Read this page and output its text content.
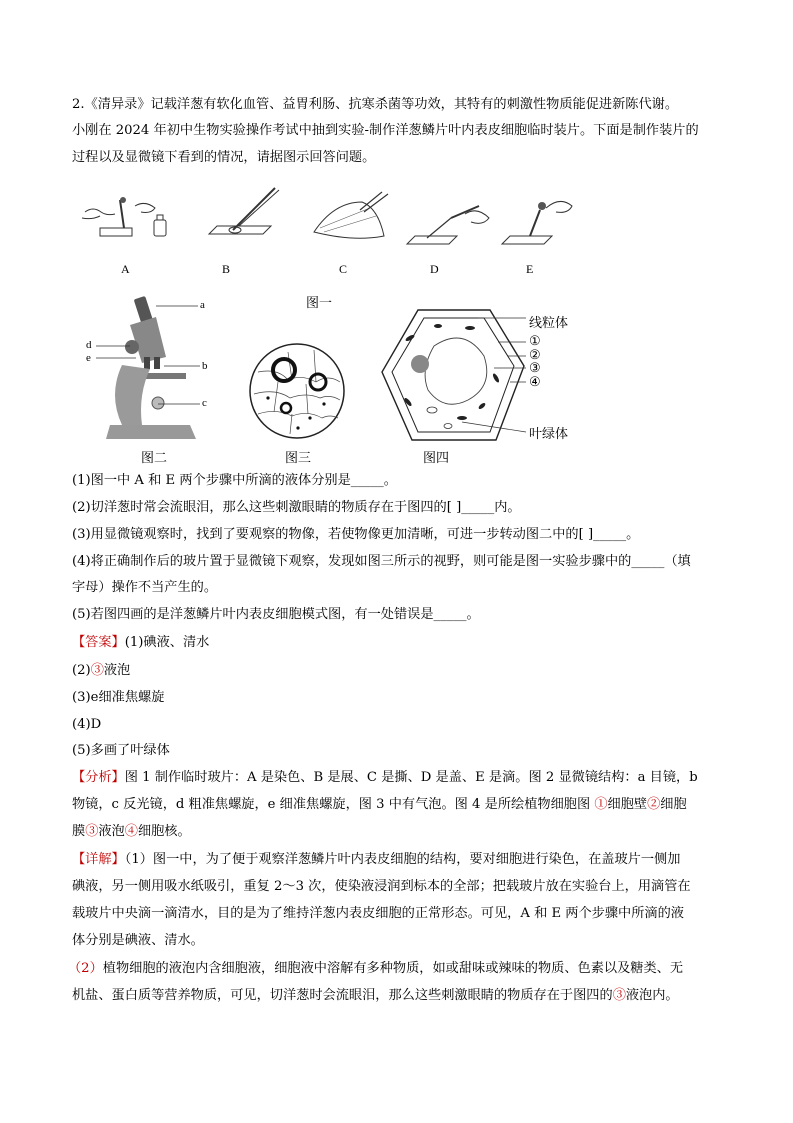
2.《清异录》记载洋葱有软化血管、益胃利肠、抗寒杀菌等功效，其特有的刺激性物质能促进新陈代谢。
小刚在 2024 年初中生物实验操作考试中抽到实验-制作洋葱鳞片叶内表皮细胞临时装片。下面是制作装片的
过程以及显微镜下看到的情况，请据图示回答问题。
A	B	C	D	E
图一
a
d
e
b
c
图二	图三
线粒体
①
②
③
④
叶绿体
图四
(1)图一中 A 和 E 两个步骤中所滴的液体分别是_____。
(2)切洋葱时常会流眼泪，那么这些刺激眼睛的物质存在于图四的[ ]_____内。
(3)用显微镜观察时，找到了要观察的物像，若使物像更加清晰，可进一步转动图二中的[ ]_____。
(4)将正确制作后的玻片置于显微镜下观察，发现如图三所示的视野，则可能是图一实验步骤中的_____（填
字母）操作不当产生的。
(5)若图四画的是洋葱鳞片叶内表皮细胞模式图，有一处错误是_____。
【答案】(1)碘液、清水
(2)③液泡
(3)e细准焦螺旋
(4)D
(5)多画了叶绿体
【分析】图 1 制作临时玻片：A 是染色、B 是展、C 是撕、D 是盖、E 是滴。图 2 显微镜结构：a 目镜，b
物镜，c 反光镜，d 粗准焦螺旋，e 细准焦螺旋，图 3 中有气泡。图 4 是所绘植物细胞图 ①细胞壁②细胞
膜③液泡④细胞核。
【详解】（1）图一中，为了便于观察洋葱鳞片叶内表皮细胞的结构，要对细胞进行染色，在盖玻片一侧加
碘液，另一侧用吸水纸吸引，重复 2～3 次，使染液浸润到标本的全部；把载玻片放在实验台上，用滴管在
载玻片中央滴一滴清水，目的是为了维持洋葱内表皮细胞的正常形态。可见，A 和 E 两个步骤中所滴的液
体分别是碘液、清水。
（2）植物细胞的液泡内含细胞液，细胞液中溶解有多种物质，如或甜味或辣味的物质、色素以及糖类、无
机盐、蛋白质等营养物质，可见，切洋葱时会流眼泪，那么这些刺激眼睛的物质存在于图四的③液泡内。
